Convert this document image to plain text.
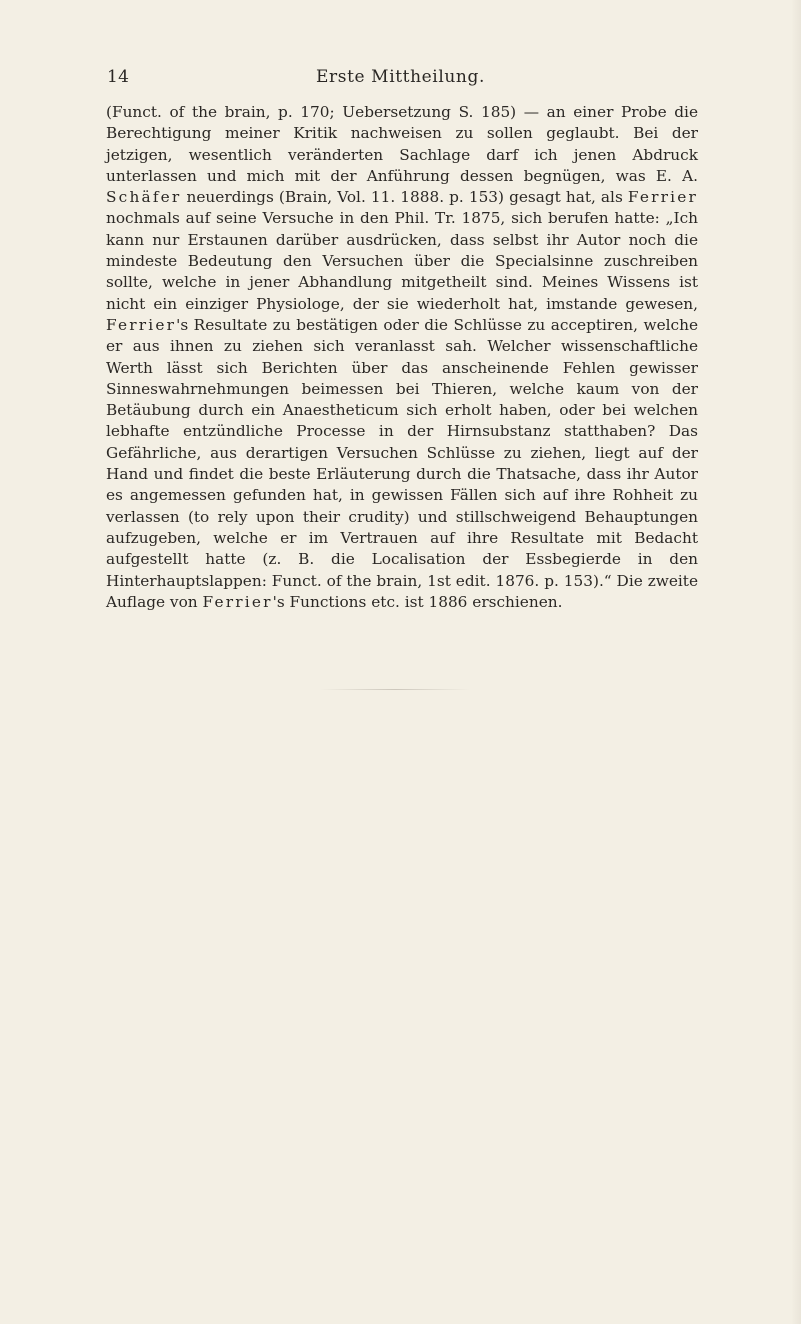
14	Erste Mittheilung.
(Funct. of the brain, p. 170; Uebersetzung S. 185) — an einer Probe die Berechtigung meiner Kritik nachweisen zu sollen geglaubt. Bei der jetzigen, wesentlich veränderten Sachlage darf ich jenen Abdruck unterlassen und mich mit der Anführung dessen begnügen, was E. A. Schäfer neuerdings (Brain, Vol. 11. 1888. p. 153) gesagt hat, als Ferrier nochmals auf seine Versuche in den Phil. Tr. 1875, sich berufen hatte: „Ich kann nur Erstaunen darüber ausdrücken, dass selbst ihr Autor noch die mindeste Bedeutung den Versuchen über die Specialsinne zuschreiben sollte, welche in jener Abhandlung mitgetheilt sind. Meines Wissens ist nicht ein einziger Physiologe, der sie wiederholt hat, imstande gewesen, Ferrier's Resultate zu bestätigen oder die Schlüsse zu acceptiren, welche er aus ihnen zu ziehen sich veranlasst sah. Welcher wissenschaftliche Werth lässt sich Berichten über das anscheinende Fehlen gewisser Sinneswahrnehmungen beimessen bei Thieren, welche kaum von der Betäubung durch ein Anaestheticum sich erholt haben, oder bei welchen lebhafte entzündliche Processe in der Hirnsubstanz statthaben? Das Gefährliche, aus derartigen Versuchen Schlüsse zu ziehen, liegt auf der Hand und findet die beste Erläuterung durch die Thatsache, dass ihr Autor es angemessen gefunden hat, in gewissen Fällen sich auf ihre Rohheit zu verlassen (to rely upon their crudity) und stillschweigend Behauptungen aufzugeben, welche er im Vertrauen auf ihre Resultate mit Bedacht aufgestellt hatte (z. B. die Localisation der Essbegierde in den Hinterhauptslappen: Funct. of the brain, 1st edit. 1876. p. 153).“ Die zweite Auflage von Ferrier's Functions etc. ist 1886 erschienen.
